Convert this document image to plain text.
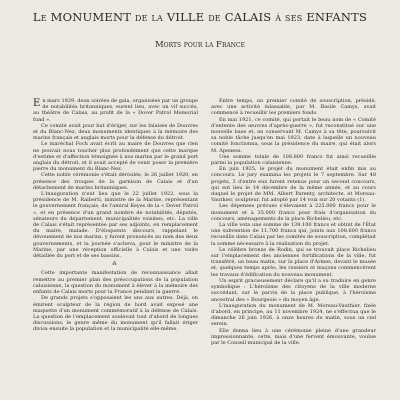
Le MONUMENT de la VILLE de CALAIS à ses ENFANTS
Morts pour la France

En mars 1929, deux soirées de gala, organisées par un groupe de notabilités britanniques, eurent lieu, avec un vif succès, au théâtre de Calais, au profit de la « Dover Patrol Memorial fund ».

Ce comité avait pour but d'ériger, sur les falaises de Douvres et du Blanc-Nez, deux monuments identiques à la mémoire des marins français et anglais morts pour la défense du détroit.

Le maréchal Foch avait écrit au maire de Douvres que rien ne pouvait nous toucher plus profondément que cette marque d'estime et d'affection témoignée à nos marins par le grand port anglais du détroit, et il avait accepté de venir poser la première pierre du monument du Blanc-Nez.

Cette noble cérémonie s'était déroulée, le 26 juillet 1920, en présence des troupes de la garnison de Calais et d'un détachement de marins britanniques.

L'inauguration n'eut lieu que le 22 juillet 1922, sous la présidence de M. Raiberti, ministre de la Marine, représentant le gouvernement français, de l'amiral Keyes de la « Dover Patrol », et en présence d'un grand nombre de notabilités, députés, sénateurs du département, municipalités voisines, etc. La ville de Calais s'était représentée par ses adjoints, en remplacement du maire, malade. D'éloquents discours, rappelant le dévouement de nos marins, y furent prononcés au nom des deux gouvernements, et la journée s'acheva, pour le ministre de la Marine, par une réception officielle à Calais et une visite détaillée du port et de ses bassins.

⁂

Cette importante manifestation de reconnaissance allait remettre au premier plan des préoccupations de la population calaisienne, la question du monument à élever à la mémoire des enfants de Calais morts pour la France pendant la guerre.

De grands projets s'opposaient les uns aux autres. Déjà, on émirent sculpteur de la région de bord avait exposé une maquette d'un monument commémoratif à la défense de Calais. La question de l'emplacement soulevait tout d'abord de longues discussions, le genre même du monument qu'il fallait ériger divisa ensuite la population et la municipalité elle-même.

Entre temps, un premier comité de souscription, présidé, avec une activité inlassable, par M. Basile Camys, avait commencé à recueillir les premiers fonds.

En mai 1921, ce comité, qui portait le beau nom de « Comité d'entente des œuvres d'après-guerre », fut reconstitué sur une nouvelle base et, en conservant M. Camys à sa tête, poursuivit sa noble tâche jusqu'en mai 1923, date à laquelle un nouveau comité fonctionna, sous la présidence du maire, qui était alors M. Apeness.

Une somme totale de 108.600 francs fut ainsi recueillie parmi la population calaisienne.

En juin 1925, le projet du monument était enfin mis au concours. Le jury examina les projets le 7 septembre. Sur 48 projets, 3 d'entre eux furent retenus pour un second concours, qui eut lieu le 14 décembre de la même année, et au cours duquel le projet de MM. Albert Parenty, architecte, et Moreau-Vauthier, sculpteur, fut adopté par 14 voix sur 20 votants (1).

Les dépenses prévues s'élevaient à 225.000 francs pour le monument et à 35.000 francs pour frais d'organisation du concours, aménagements de la place Richelieu, etc.

La ville vota une somme de 139.100 francs et obtint de l'État une subvention de 11.700 francs qui, joints aux 108.600 francs recueillis dans Calais par les comités de souscription, complétait la somme nécessaire à la réalisation du projet.

Le célèbre bronze de Rodin, qui se trouvait place Richelieu sur l'emplacement des anciennes fortifications de la ville, fut transféré, un beau matin, sur la place d'Armes, devant le musée et, quelques temps après, les rassiers et maçons commencèrent les travaux d'édification du nouveau monument.

Un esprit gracieusement déclare qu'il a su traduire en genre symbolique : L'héroïsme des citoyens de la ville moderne succédant, sur le parvis de la place publique, à l'héroïsme ancestral des « Bourgeois » du moyen âge.

L'inauguration du monument de M. Moreau-Vauthier, fixée d'abord, en principe, au 11 novembre 1924, ne s'effectua que le dimanche 26 juin 1926, à onze heures du matin, sous un ciel serein.

Elle donna lieu à une cérémonie pleine d'une grandeur impressionnante, cette, mais d'une fervent émouvante, voulue par le Conseil municipal de la ville.
